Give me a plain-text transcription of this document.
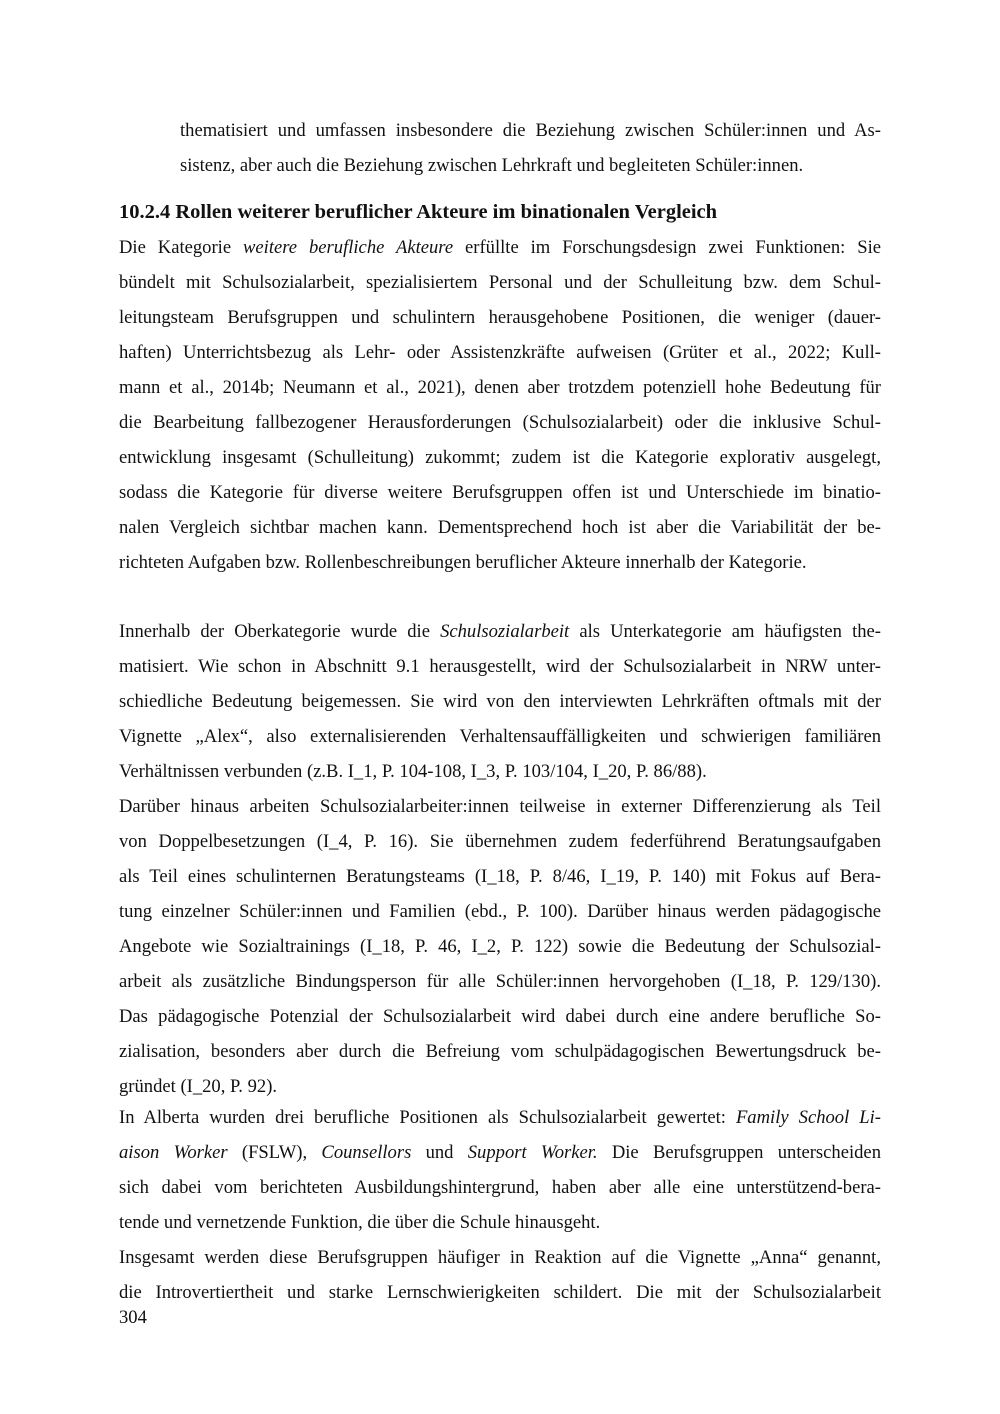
thematisiert und umfassen insbesondere die Beziehung zwischen Schüler:innen und As-
sistenz, aber auch die Beziehung zwischen Lehrkraft und begleiteten Schüler:innen.
10.2.4 Rollen weiterer beruflicher Akteure im binationalen Vergleich
Die Kategorie weitere berufliche Akteure erfüllte im Forschungsdesign zwei Funktionen: Sie
bündelt mit Schulsozialarbeit, spezialisiertem Personal und der Schulleitung bzw. dem Schul-
leitungsteam Berufsgruppen und schulintern herausgehobene Positionen, die weniger (dauer-
haften) Unterrichtsbezug als Lehr- oder Assistenzkräfte aufweisen (Grüter et al., 2022; Kull-
mann et al., 2014b; Neumann et al., 2021), denen aber trotzdem potenziell hohe Bedeutung für
die Bearbeitung fallbezogener Herausforderungen (Schulsozialarbeit) oder die inklusive Schul-
entwicklung insgesamt (Schulleitung) zukommt; zudem ist die Kategorie explorativ ausgelegt,
sodass die Kategorie für diverse weitere Berufsgruppen offen ist und Unterschiede im binatio-
nalen Vergleich sichtbar machen kann. Dementsprechend hoch ist aber die Variabilität der be-
richteten Aufgaben bzw. Rollenbeschreibungen beruflicher Akteure innerhalb der Kategorie.
Innerhalb der Oberkategorie wurde die Schulsozialarbeit als Unterkategorie am häufigsten the-
matisiert. Wie schon in Abschnitt 9.1 herausgestellt, wird der Schulsozialarbeit in NRW unter-
schiedliche Bedeutung beigemessen. Sie wird von den interviewten Lehrkräften oftmals mit der
Vignette „Alex“, also externalisierenden Verhaltensauffälligkeiten und schwierigen familiären
Verhältnissen verbunden (z.B. I_1, P. 104-108, I_3, P. 103/104, I_20, P. 86/88).
Darüber hinaus arbeiten Schulsozialarbeiter:innen teilweise in externer Differenzierung als Teil
von Doppelbesetzungen (I_4, P. 16). Sie übernehmen zudem federführend Beratungsaufgaben
als Teil eines schulinternen Beratungsteams (I_18, P. 8/46, I_19, P. 140) mit Fokus auf Bera-
tung einzelner Schüler:innen und Familien (ebd., P. 100). Darüber hinaus werden pädagogische
Angebote wie Sozialtrainings (I_18, P. 46, I_2, P. 122) sowie die Bedeutung der Schulsozial-
arbeit als zusätzliche Bindungsperson für alle Schüler:innen hervorgehoben (I_18, P. 129/130).
Das pädagogische Potenzial der Schulsozialarbeit wird dabei durch eine andere berufliche So-
zialisation, besonders aber durch die Befreiung vom schulpädagogischen Bewertungsdruck be-
gründet (I_20, P. 92).
In Alberta wurden drei berufliche Positionen als Schulsozialarbeit gewertet: Family School Li-
aison Worker (FSLW), Counsellors und Support Worker. Die Berufsgruppen unterscheiden
sich dabei vom berichteten Ausbildungshintergrund, haben aber alle eine unterstützend-bera-
tende und vernetzende Funktion, die über die Schule hinausgeht.
Insgesamt werden diese Berufsgruppen häufiger in Reaktion auf die Vignette „Anna“ genannt,
die Introvertiertheit und starke Lernschwierigkeiten schildert. Die mit der Schulsozialarbeit
304
